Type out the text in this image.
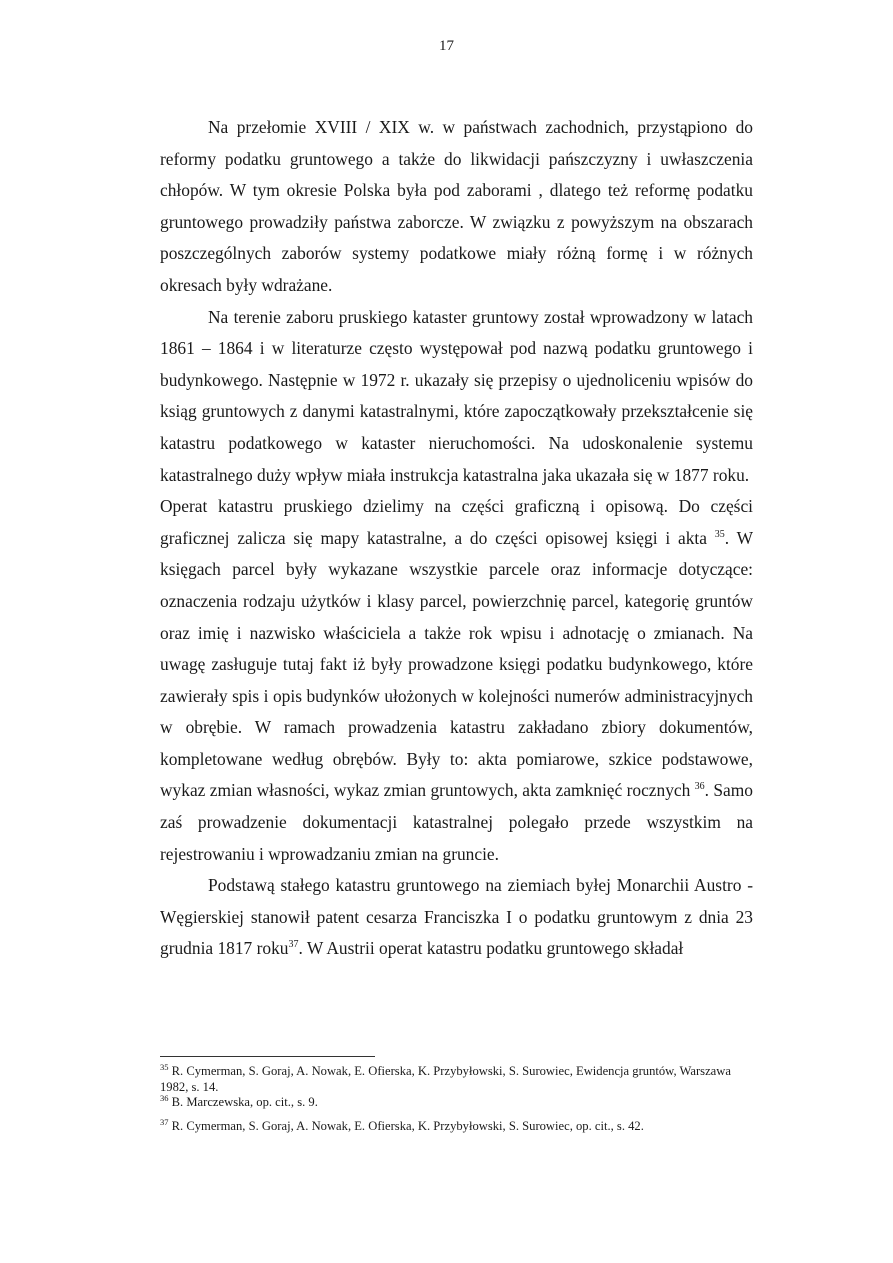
17

Na przełomie XVIII / XIX w. w państwach zachodnich, przystąpiono do reformy podatku gruntowego a także do likwidacji pańszczyzny i uwłaszczenia chłopów. W tym okresie Polska była pod zaborami , dlatego też reformę podatku gruntowego prowadziły państwa zaborcze. W związku z powyższym na obszarach poszczególnych zaborów systemy podatkowe miały różną formę i w różnych okresach były wdrażane.

Na terenie zaboru pruskiego kataster gruntowy został wprowadzony w latach 1861 – 1864 i w literaturze często występował pod nazwą podatku gruntowego i budynkowego. Następnie w 1972 r. ukazały się przepisy o ujednoliceniu wpisów do ksiąg gruntowych z danymi katastralnymi, które zapoczątkowały przekształcenie się katastru podatkowego w kataster nieruchomości. Na udoskonalenie systemu katastralnego duży wpływ miała instrukcja katastralna jaka ukazała się w 1877 roku.

Operat katastru pruskiego dzielimy na części graficzną i opisową. Do części graficznej zalicza się mapy katastralne, a do części opisowej księgi i akta $^{35}$. W księgach parcel były wykazane wszystkie parcele oraz informacje dotyczące: oznaczenia rodzaju użytków i klasy parcel, powierzchnię parcel, kategorię gruntów oraz imię i nazwisko właściciela a także rok wpisu i adnotację o zmianach. Na uwagę zasługuje tutaj fakt iż były prowadzone księgi podatku budynkowego, które zawierały spis i opis budynków ułożonych w kolejności numerów administracyjnych w obrębie. W ramach prowadzenia katastru zakładano zbiory dokumentów, kompletowane według obrębów. Były to: akta pomiarowe, szkice podstawowe, wykaz zmian własności, wykaz zmian gruntowych, akta zamknięć rocznych $^{36}$. Samo zaś prowadzenie dokumentacji katastralnej polegało przede wszystkim na rejestrowaniu i wprowadzaniu zmian na gruncie.

Podstawą stałego katastru gruntowego na ziemiach byłej Monarchii Austro - Węgierskiej stanowił patent cesarza Franciszka I o podatku gruntowym z dnia 23 grudnia 1817 roku$^{37}$. W Austrii operat katastru podatku gruntowego składał

$^{35}$ R. Cymerman, S. Goraj, A. Nowak, E. Ofierska, K. Przybyłowski, S. Surowiec, Ewidencja gruntów, Warszawa 1982, s. 14.

$^{36}$ B. Marczewska, op. cit., s. 9.

$^{37}$ R. Cymerman, S. Goraj, A. Nowak, E. Ofierska, K. Przybyłowski, S. Surowiec, op. cit., s. 42.
